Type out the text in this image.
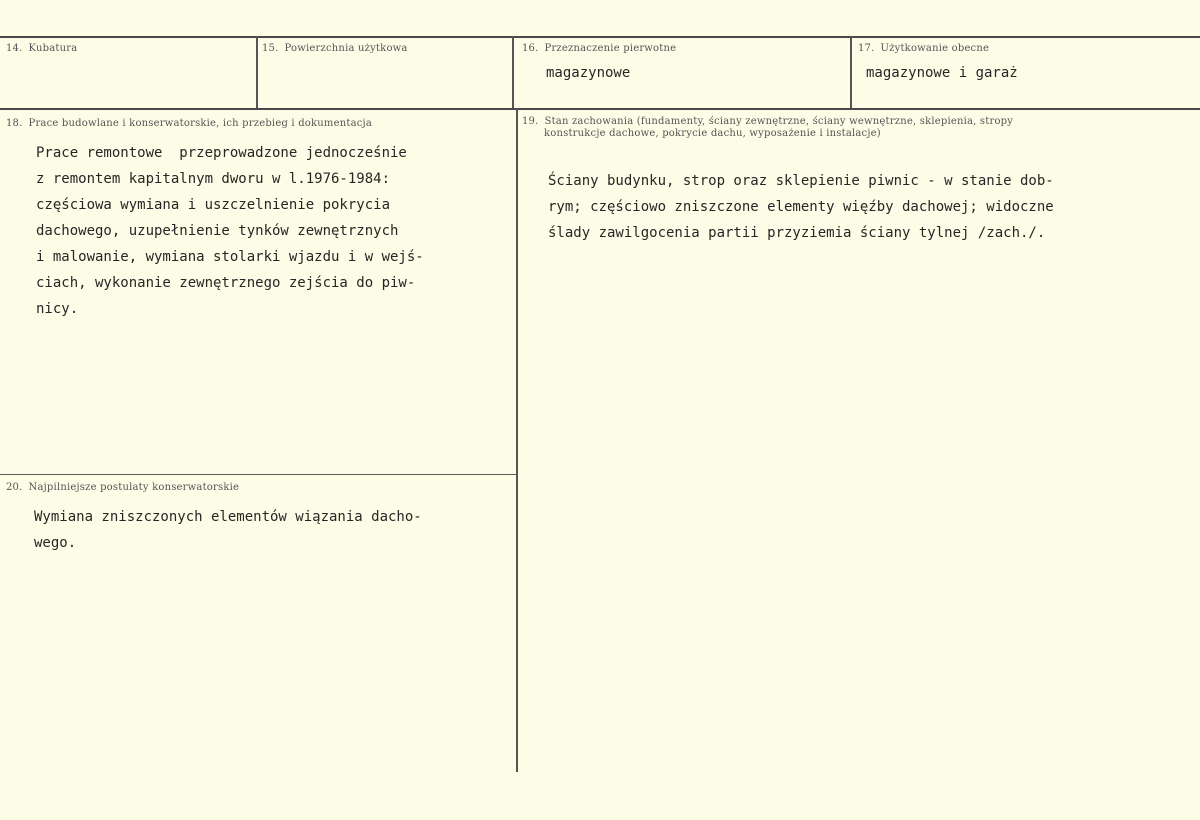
14. Kubatura	15. Powierzchnia użytkowa	16. Przeznaczenie pierwotne
magazynowe
17. Użytkowanie obecne
magazynowe i garaż
18. Prace budowlane i konserwatorskie, ich przebieg i dokumentacja
Prace remontowe  przeprowadzone jednocześnie
z remontem kapitalnym dworu w l.1976-1984:
częściowa wymiana i uszczelnienie pokrycia
dachowego, uzupełnienie tynków zewnętrznych
i malowanie, wymiana stolarki wjazdu i w wejś-
ciach, wykonanie zewnętrznego zejścia do piw-
nicy.
19. Stan zachowania (fundamenty, ściany zewnętrzne, ściany wewnętrzne, sklepienia, stropy
konstrukcje dachowe, pokrycie dachu, wyposażenie i instalacje)
Ściany budynku, strop oraz sklepienie piwnic - w stanie dob-
rym; częściowo zniszczone elementy więźby dachowej; widoczne
ślady zawilgocenia partii przyziemia ściany tylnej /zach./.
20. Najpilniejsze postulaty konserwatorskie
Wymiana zniszczonych elementów wiązania dacho-
wego.
